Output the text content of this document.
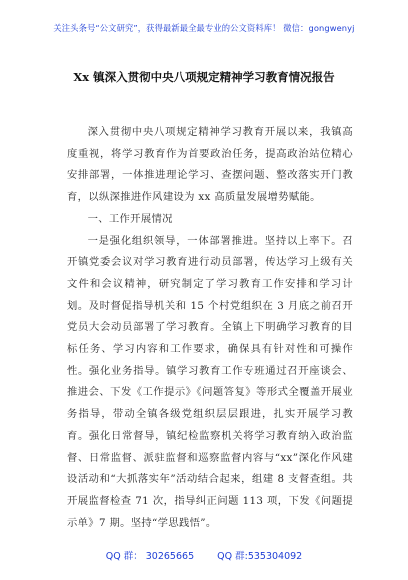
关注头条号“公文研究”，获得最新最全最专业的公文资料库！ 微信：gongwenyj
Xx 镇深入贯彻中央八项规定精神学习教育情况报告

深入贯彻中央八项规定精神学习教育开展以来，我镇高度重视，将学习教育作为首要政治任务，提高政治站位精心安排部署，一体推进理论学习、查摆问题、整改落实开门教育，以纵深推进作风建设为 xx 高质量发展增势赋能。

一、工作开展情况

一是强化组织领导，一体部署推进。坚持以上率下。召开镇党委会议对学习教育进行动员部署，传达学习上级有关文件和会议精神，研究制定了学习教育工作安排和学习计划。及时督促指导机关和 15 个村党组织在 3 月底之前召开党员大会动员部署了学习教育。全镇上下明确学习教育的目标任务、学习内容和工作要求，确保具有针对性和可操作性。强化业务指导。镇学习教育工作专班通过召开座谈会、推进会、下发《工作提示》《问题答复》等形式全覆盖开展业务指导，带动全镇各级党组织层层跟进，扎实开展学习教育。强化日常督导，镇纪检监察机关将学习教育纳入政治监督、日常监督、派驻监督和巡察监督内容与“xx”深化作风建设活动和“大抓落实年”活动结合起来，组建 8 支督查组。共开展监督检查 71 次，指导纠正问题 113 项，下发《问题提示单》7 期。坚持“学思践悟”。

QQ 群： 30265665 QQ 群:535304092
